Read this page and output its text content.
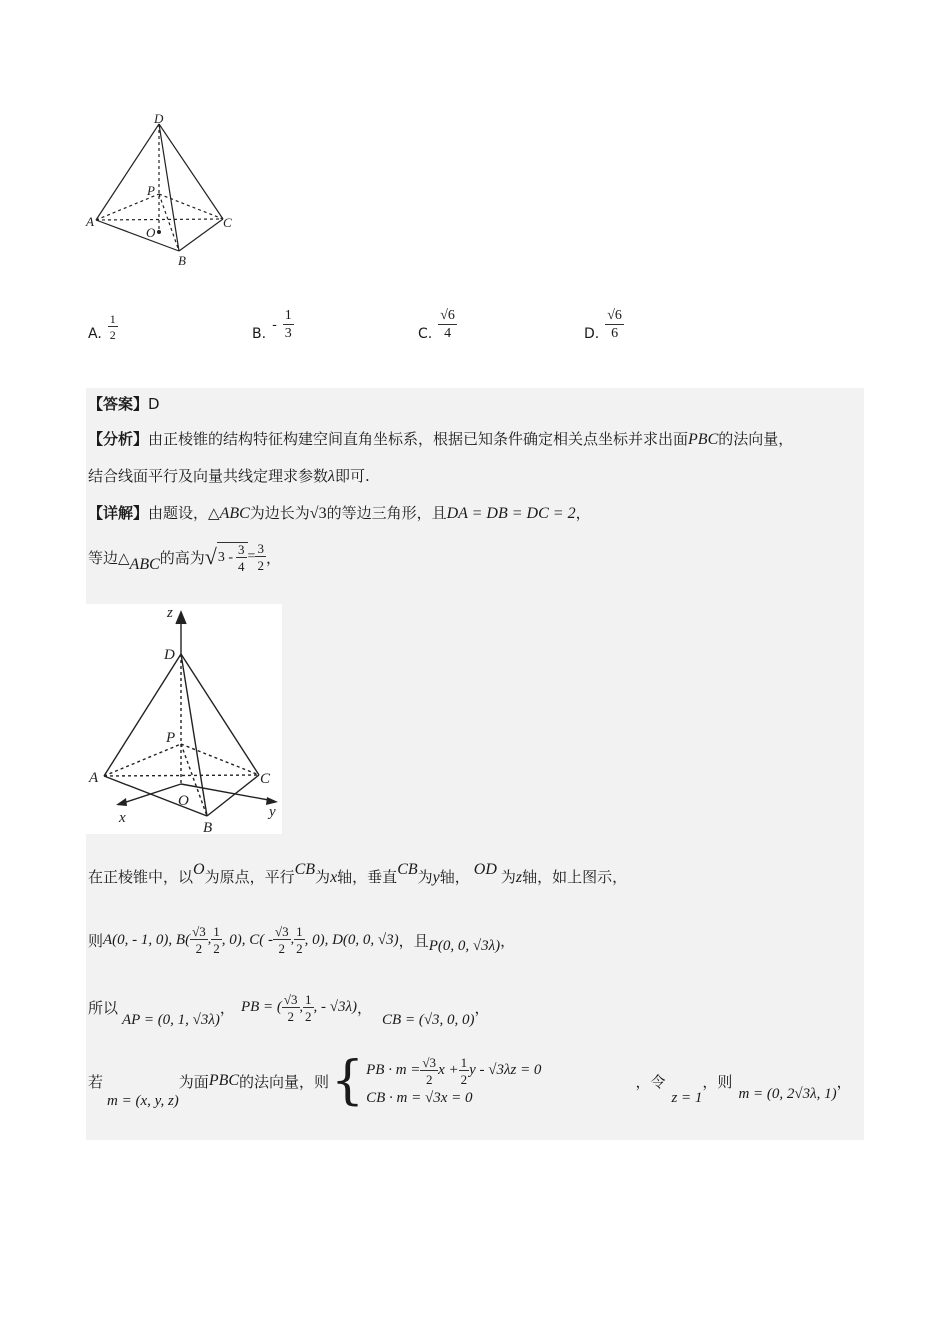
D
P
A	C
O
B
A. $\frac{1}{2}$	B.
- $\frac{1}{3}$	C. $\frac{√6}{4}$	D. $\frac{√6}{6}$
【答案】D
【分析】由正棱锥的结构特征构建空间直角坐标系，根据已知条件确定相关点坐标并求出面PBC的法向量，
结合线面平行及向量共线定理求参数λ即可.
【详解】由题设，△ABC为边长为√3的等边三角形，且DA = DB = DC = 2，
等边△ ABC 的高为 √ $3 - \frac{3}{4} = \frac{3}{2}$ ，
z
D
P
A	C
O
x
B
y
在正棱锥中，以O为原点，平行CB为x轴，垂直CB为y轴， OD 为z轴，如上图示，
则 A(0, - 1, 0), $B( \frac{√3}{2}$ , $\frac{1}{2}$ , 0), $C( - \frac{√3}{2}$ , $\frac{1}{2}$ , 0), D(0, 0, √3) ，且 P(0, 0, √3λ) ，
所以
AP = (0, 1, √3λ)
， PB = ( $\frac{√3}{2}$ , $\frac{1}{2}$ , - √3λ) ，
CB = (√3, 0, 0)
，
若
m = (x, y, z)
为面 PBC 的法向量，则 { PB · $m = \frac{√3}{2}$ $x + \frac{1}{2}$ y - √3λz = 0
CB · m = √3x = 0
，令
z = 1
，则
m = (0, 2√3λ, 1)
，
